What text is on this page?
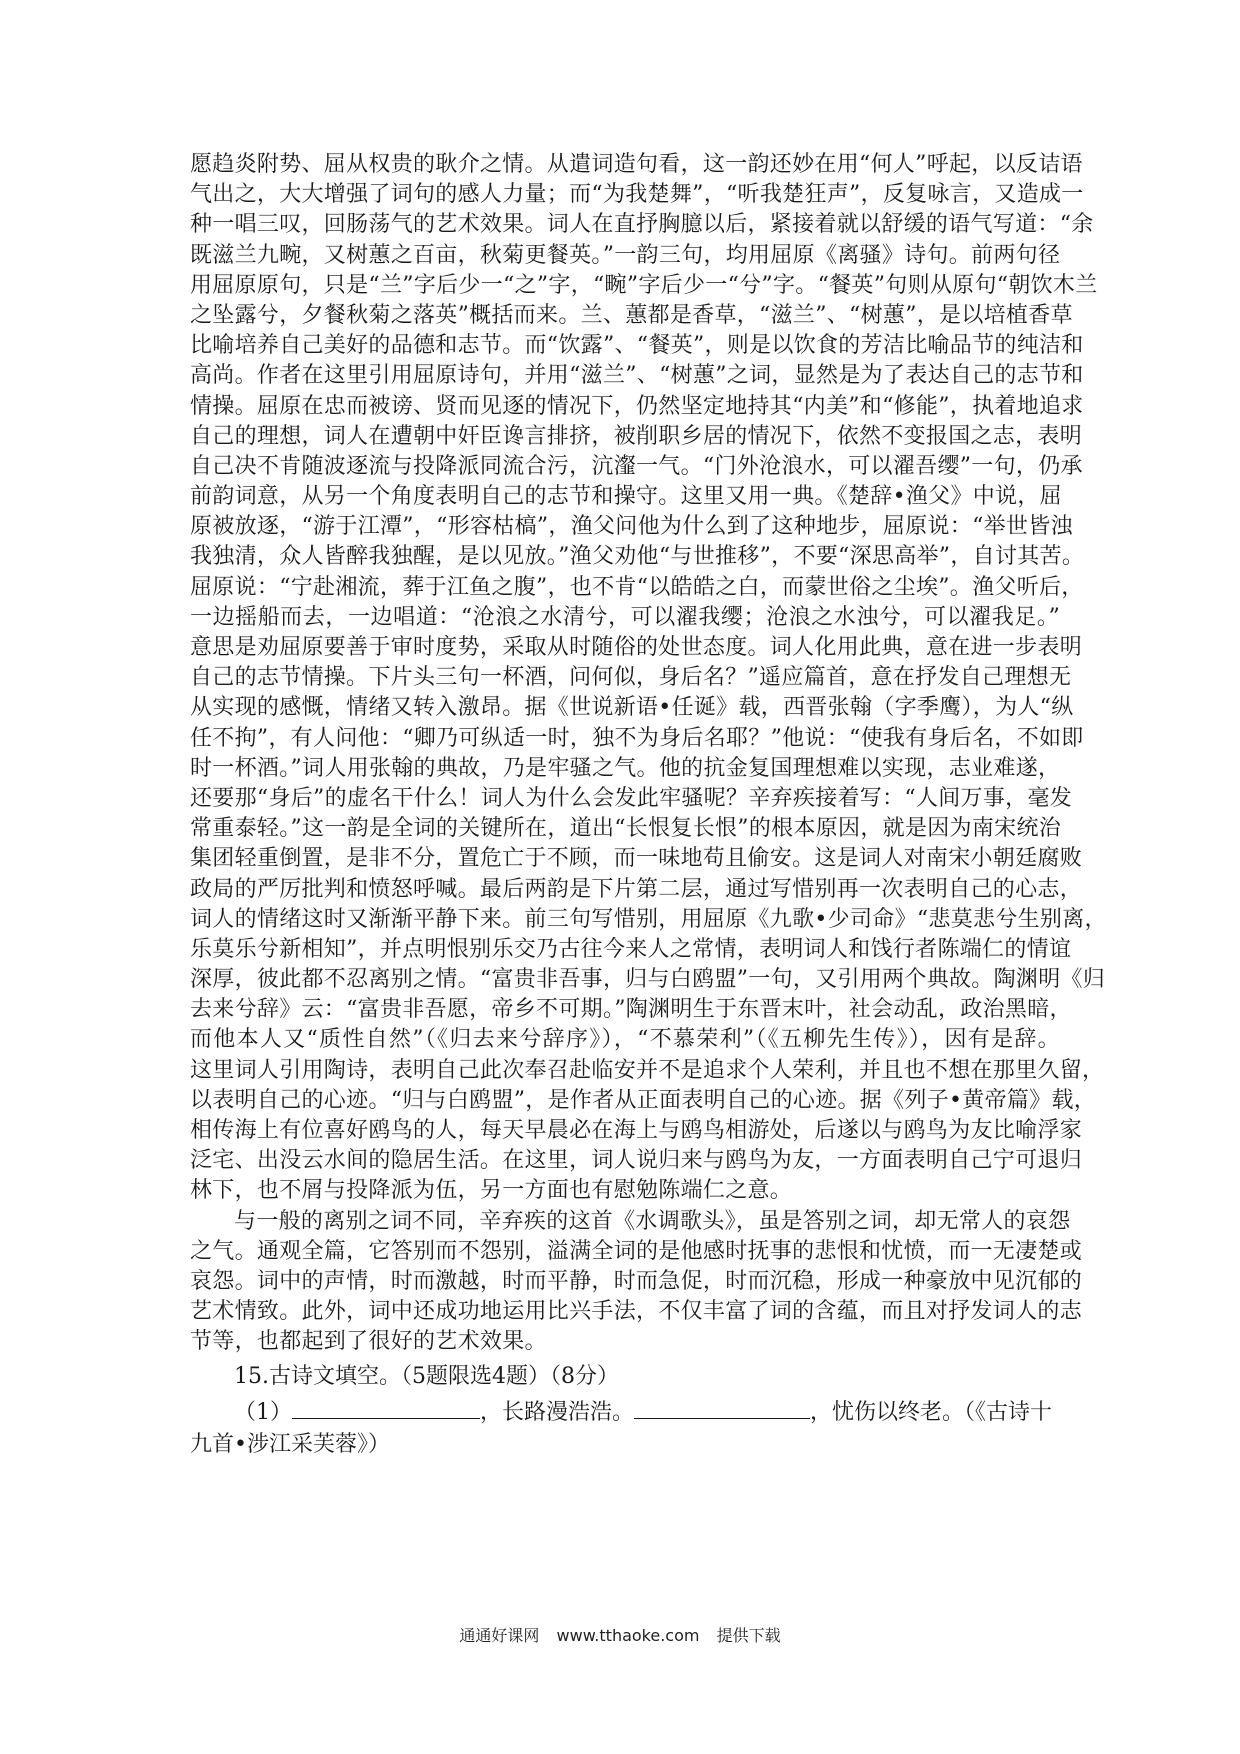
愿趋炎附势、屈从权贵的耿介之情。从遣词造句看，这一韵还妙在用“何人”呼起，以反诘语
气出之，大大增强了词句的感人力量；而“为我楚舞”，“听我楚狂声”，反复咏言，又造成一
种一唱三叹，回肠荡气的艺术效果。词人在直抒胸臆以后，紧接着就以舒缓的语气写道：“余
既滋兰九畹，又树蕙之百亩，秋菊更餐英。”一韵三句，均用屈原《离骚》诗句。前两句径
用屈原原句，只是“兰”字后少一“之”字，“畹”字后少一“兮”字。“餐英”句则从原句“朝饮木兰
之坠露兮，夕餐秋菊之落英”概括而来。兰、蕙都是香草，“滋兰”、“树蕙”，是以培植香草
比喻培养自己美好的品德和志节。而“饮露”、“餐英”，则是以饮食的芳洁比喻品节的纯洁和
高尚。作者在这里引用屈原诗句，并用“滋兰”、“树蕙”之词，显然是为了表达自己的志节和
情操。屈原在忠而被谤、贤而见逐的情况下，仍然坚定地持其“内美”和“修能”，执着地追求
自己的理想，词人在遭朝中奸臣谗言排挤，被削职乡居的情况下，依然不变报国之志，表明
自己决不肯随波逐流与投降派同流合污，沆瀣一气。“门外沧浪水，可以濯吾缨”一句，仍承
前韵词意，从另一个角度表明自己的志节和操守。这里又用一典。《楚辞•渔父》中说，屈
原被放逐，“游于江潭”，“形容枯槁”，渔父问他为什么到了这种地步，屈原说：“举世皆浊
我独清，众人皆醉我独醒，是以见放。”渔父劝他“与世推移”，不要“深思高举”，自讨其苦。
屈原说：“宁赴湘流，葬于江鱼之腹”，也不肯“以皓皓之白，而蒙世俗之尘埃”。渔父听后，
一边摇船而去，一边唱道：“沧浪之水清兮，可以濯我缨；沧浪之水浊兮，可以濯我足。”
意思是劝屈原要善于审时度势，采取从时随俗的处世态度。词人化用此典，意在进一步表明
自己的志节情操。下片头三句一杯酒，问何似，身后名？”遥应篇首，意在抒发自己理想无
从实现的感慨，情绪又转入激昂。据《世说新语•任诞》载，西晋张翰（字季鹰），为人“纵
任不拘”，有人问他：“卿乃可纵适一时，独不为身后名耶？”他说：“使我有身后名，不如即
时一杯酒。”词人用张翰的典故，乃是牢骚之气。他的抗金复国理想难以实现，志业难遂，
还要那“身后”的虚名干什么！词人为什么会发此牢骚呢？辛弃疾接着写：“人间万事，毫发
常重泰轻。”这一韵是全词的关键所在，道出“长恨复长恨”的根本原因，就是因为南宋统治
集团轻重倒置，是非不分，置危亡于不顾，而一味地苟且偷安。这是词人对南宋小朝廷腐败
政局的严厉批判和愤怒呼喊。最后两韵是下片第二层，通过写惜别再一次表明自己的心志，
词人的情绪这时又渐渐平静下来。前三句写惜别，用屈原《九歌•少司命》“悲莫悲兮生别离，
乐莫乐兮新相知”，并点明恨别乐交乃古往今来人之常情，表明词人和饯行者陈端仁的情谊
深厚，彼此都不忍离别之情。“富贵非吾事，归与白鸥盟”一句，又引用两个典故。陶渊明《归
去来兮辞》云：“富贵非吾愿，帝乡不可期。”陶渊明生于东晋末叶，社会动乱，政治黑暗，
而他本人又“质性自然”（《归去来兮辞序》），“不慕荣利”（《五柳先生传》），因有是辞。
这里词人引用陶诗，表明自己此次奉召赴临安并不是追求个人荣利，并且也不想在那里久留，
以表明自己的心迹。“归与白鸥盟”，是作者从正面表明自己的心迹。据《列子•黄帝篇》载，
相传海上有位喜好鸥鸟的人，每天早晨必在海上与鸥鸟相游处，后遂以与鸥鸟为友比喻浮家
泛宅、出没云水间的隐居生活。在这里，词人说归来与鸥鸟为友，一方面表明自己宁可退归
林下，也不屑与投降派为伍，另一方面也有慰勉陈端仁之意。
与一般的离别之词不同，辛弃疾的这首《水调歌头》，虽是答别之词，却无常人的哀怨
之气。通观全篇，它答别而不怨别，溢满全词的是他感时抚事的悲恨和忧愤，而一无凄楚或
哀怨。词中的声情，时而激越，时而平静，时而急促，时而沉稳，形成一种豪放中见沉郁的
艺术情致。此外，词中还成功地运用比兴手法，不仅丰富了词的含蕴，而且对抒发词人的志
节等，也都起到了很好的艺术效果。
15.古诗文填空。（5题限选4题）（8分）
（1）	，长路漫浩浩。	，忧伤以终老。（《古诗十
九首•涉江采芙蓉》）
通通好课网 www.tthaoke.com 提供下载
